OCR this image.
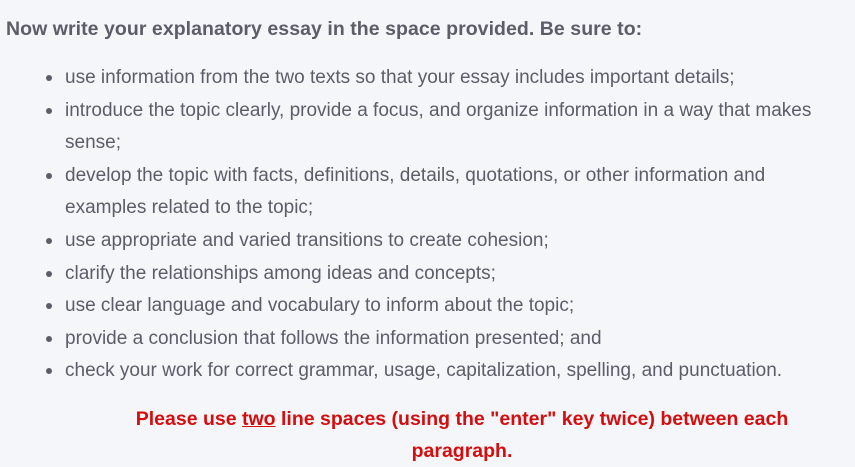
Now write your explanatory essay in the space provided. Be sure to:
use information from the two texts so that your essay includes important details;
introduce the topic clearly, provide a focus, and organize information in a way that makes sense;
develop the topic with facts, definitions, details, quotations, or other information and examples related to the topic;
use appropriate and varied transitions to create cohesion;
clarify the relationships among ideas and concepts;
use clear language and vocabulary to inform about the topic;
provide a conclusion that follows the information presented; and
check your work for correct grammar, usage, capitalization, spelling, and punctuation.
Please use two line spaces (using the "enter" key twice) between each paragraph.
